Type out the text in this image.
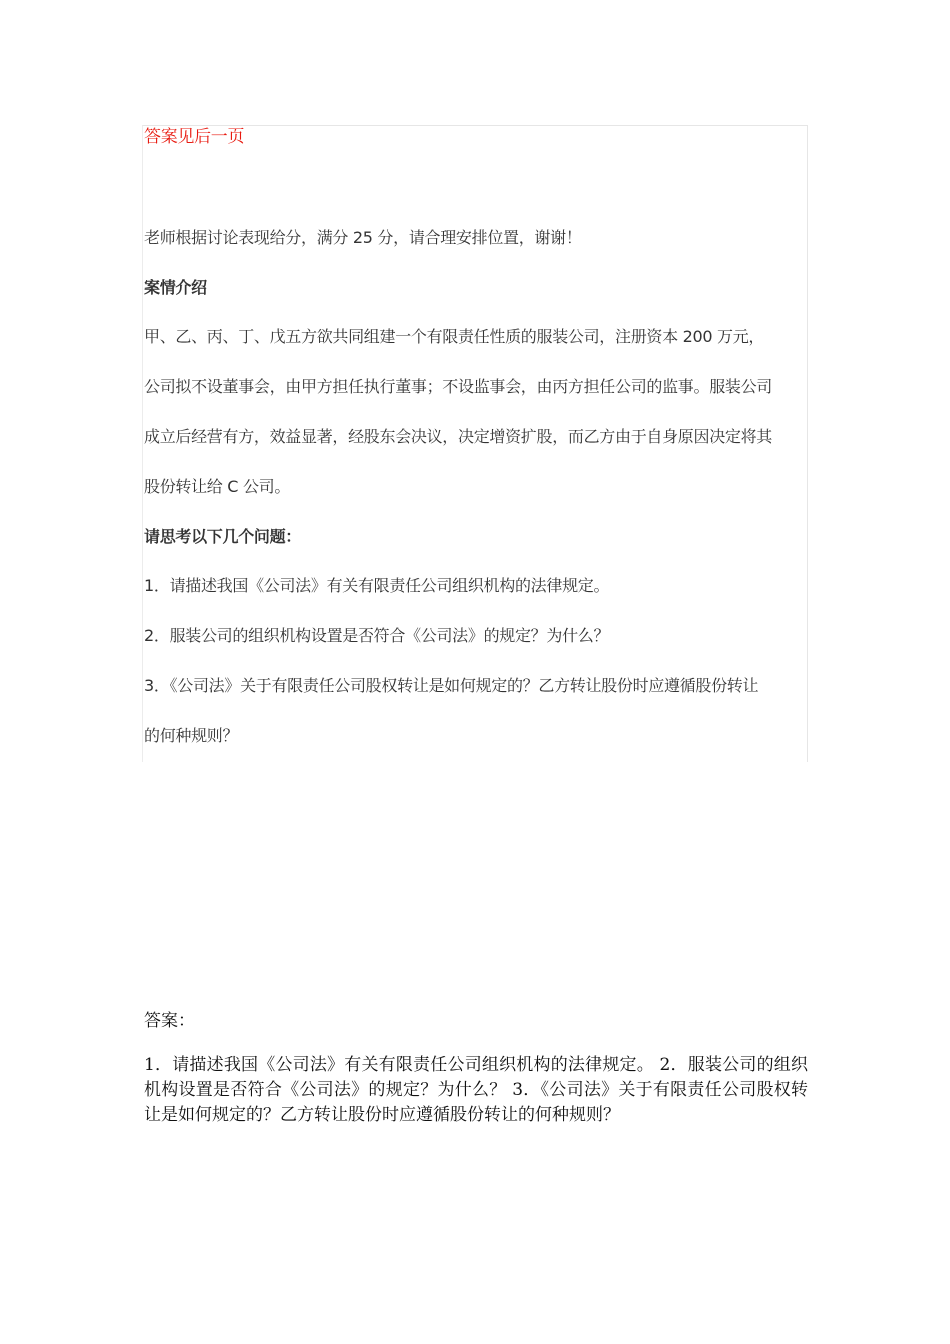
答案见后一页
老师根据讨论表现给分，满分 25 分，请合理安排位置，谢谢！
案情介绍
甲、乙、丙、丁、戊五方欲共同组建一个有限责任性质的服装公司，注册资本 200 万元，
公司拟不设董事会，由甲方担任执行董事；不设监事会，由丙方担任公司的监事。服装公司
成立后经营有方，效益显著，经股东会决议，决定增资扩股，而乙方由于自身原因决定将其
股份转让给 C 公司。
请思考以下几个问题：
1．请描述我国《公司法》有关有限责任公司组织机构的法律规定。
2．服装公司的组织机构设置是否符合《公司法》的规定？为什么？
3．《公司法》关于有限责任公司股权转让是如何规定的？乙方转让股份时应遵循股份转让
的何种规则？
答案：
1．请描述我国《公司法》有关有限责任公司组织机构的法律规定。 2．服装公司的组织机构设置是否符合《公司法》的规定？为什么？ 3．《公司法》关于有限责任公司股权转让是如何规定的？乙方转让股份时应遵循股份转让的何种规则？
